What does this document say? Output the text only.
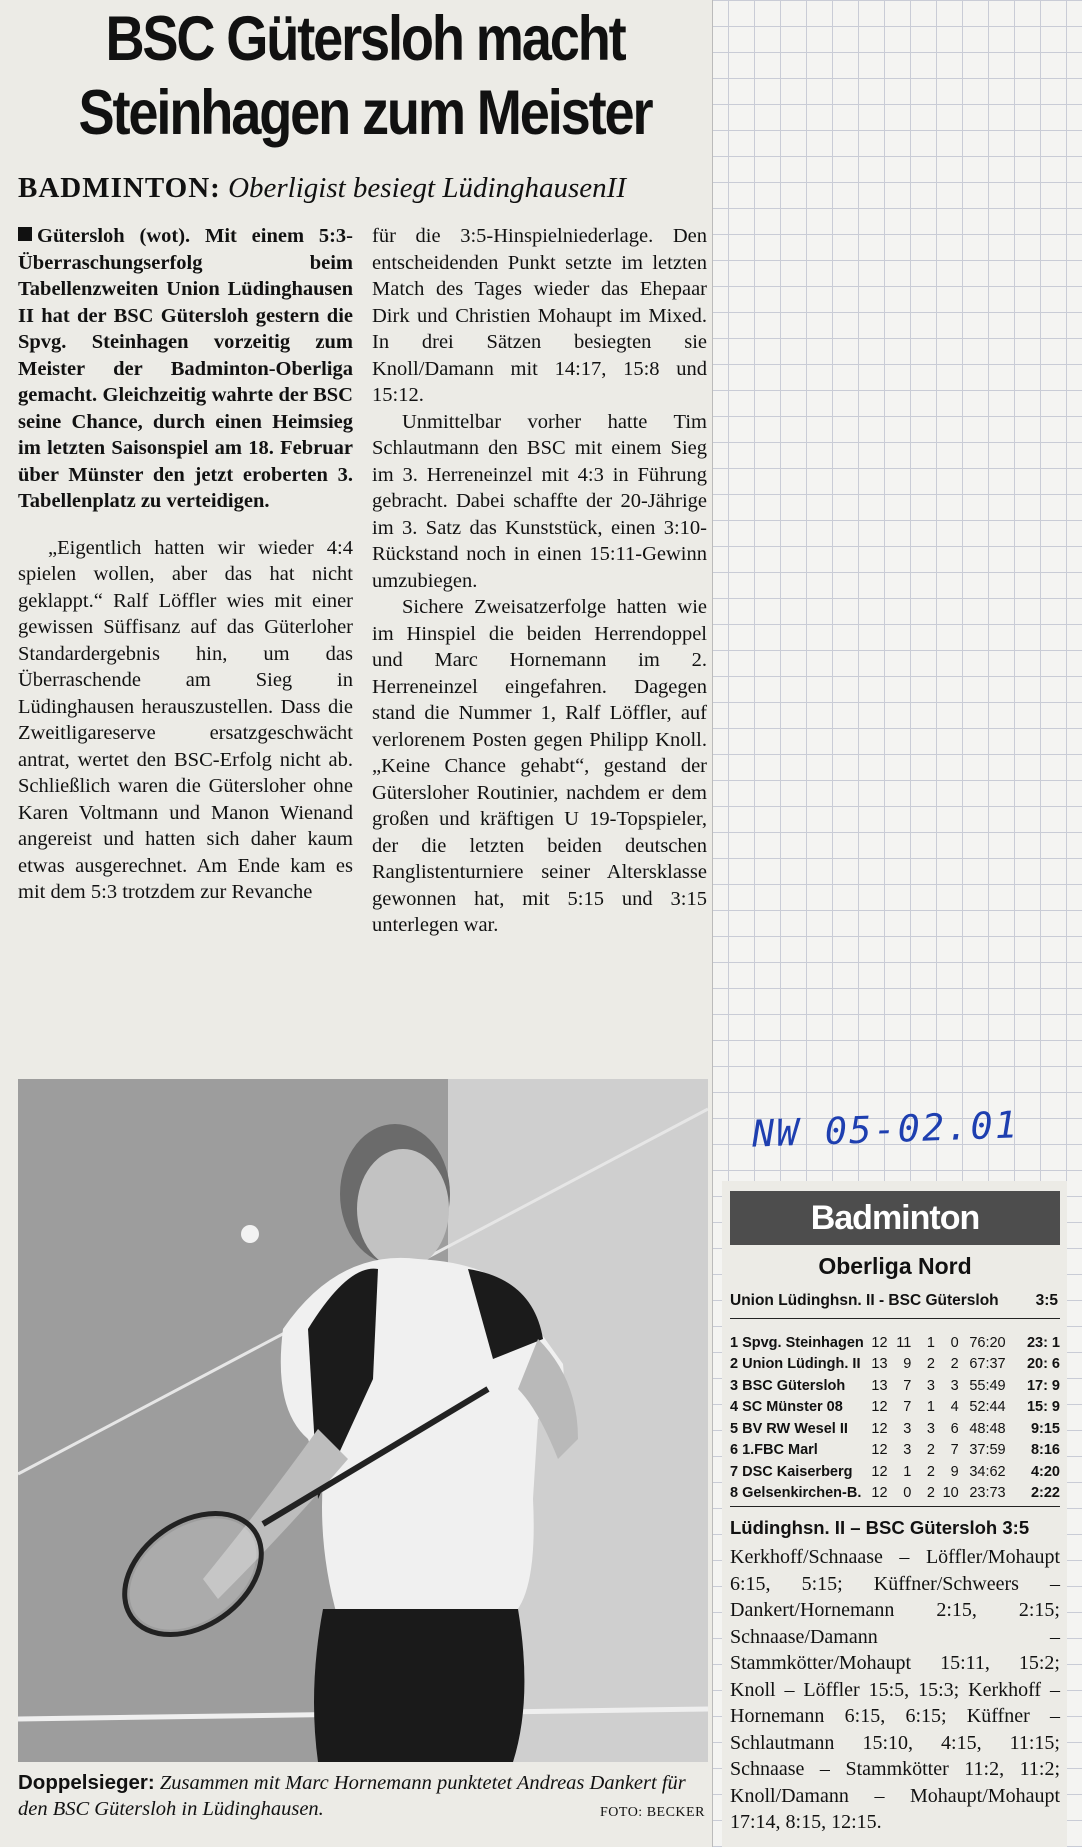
BSC Gütersloh macht
Steinhagen zum Meister
BADMINTON: Oberligist besiegt LüdinghausenII

Gütersloh (wot). Mit einem 5:3-Überraschungserfolg beim Tabellenzweiten Union Lüdinghausen II hat der BSC Gütersloh gestern die Spvg. Steinhagen vorzeitig zum Meister der Badminton-Oberliga gemacht. Gleichzeitig wahrte der BSC seine Chance, durch einen Heimsieg im letzten Saisonspiel am 18. Februar über Münster den jetzt eroberten 3. Tabellenplatz zu verteidigen.

„Eigentlich hatten wir wieder 4:4 spielen wollen, aber das hat nicht geklappt.“ Ralf Löffler wies mit einer gewissen Süffisanz auf das Güterloher Standardergebnis hin, um das Überraschende am Sieg in Lüdinghausen herauszustellen. Dass die Zweitligareserve ersatzgeschwächt antrat, wertet den BSC-Erfolg nicht ab. Schließlich waren die Gütersloher ohne Karen Voltmann und Manon Wienand angereist und hatten sich daher kaum etwas ausgerechnet. Am Ende kam es mit dem 5:3 trotzdem zur Revanche

für die 3:5-Hinspielniederlage. Den entscheidenden Punkt setzte im letzten Match des Tages wieder das Ehepaar Dirk und Christien Mohaupt im Mixed. In drei Sätzen besiegten sie Knoll/Damann mit 14:17, 15:8 und 15:12.

Unmittelbar vorher hatte Tim Schlautmann den BSC mit einem Sieg im 3. Herreneinzel mit 4:3 in Führung gebracht. Dabei schaffte der 20-Jährige im 3. Satz das Kunststück, einen 3:10-Rückstand noch in einen 15:11-Gewinn umzubiegen.

Sichere Zweisatzerfolge hatten wie im Hinspiel die beiden Herrendoppel und Marc Hornemann im 2. Herreneinzel eingefahren. Dagegen stand die Nummer 1, Ralf Löffler, auf verlorenem Posten gegen Philipp Knoll. „Keine Chance gehabt“, gestand der Gütersloher Routinier, nachdem er dem großen und kräftigen U 19-Topspieler, der die letzten beiden deutschen Ranglistenturniere seiner Altersklasse gewonnen hat, mit 5:15 und 3:15 unterlegen war.

Doppelsieger: Zusammen mit Marc Hornemann punktetet Andreas Dankert für den BSC Gütersloh in Lüdinghausen.	FOTO: BECKER
NW 05-02.01
Badminton
Oberliga Nord
Union Lüdinghsn. II - BSC Gütersloh 3:5
1 Spvg. Steinhagen	12	11	1	0	76:20	23: 1
2 Union Lüdingh. II	13	9	2	2	67:37	20: 6
3 BSC Gütersloh	13	7	3	3	55:49	17: 9
4 SC Münster 08	12	7	1	4	52:44	15: 9
5 BV RW Wesel II	12	3	3	6	48:48	9:15
6 1.FBC Marl	12	3	2	7	37:59	8:16
7 DSC Kaiserberg	12	1	2	9	34:62	4:20
8 Gelsenkirchen-B.	12	0	2	10	23:73	2:22
Lüdinghsn. II – BSC Gütersloh 3:5
Kerkhoff/Schnaase – Löffler/Mohaupt 6:15, 5:15; Küffner/Schweers – Dankert/Hornemann 2:15, 2:15; Schnaase/Damann – Stammkötter/Mohaupt 15:11, 15:2; Knoll – Löffler 15:5, 15:3; Kerkhoff – Hornemann 6:15, 6:15; Küffner – Schlautmann 15:10, 4:15, 11:15; Schnaase – Stammkötter 11:2, 11:2; Knoll/Damann – Mohaupt/Mohaupt 17:14, 8:15, 12:15.
